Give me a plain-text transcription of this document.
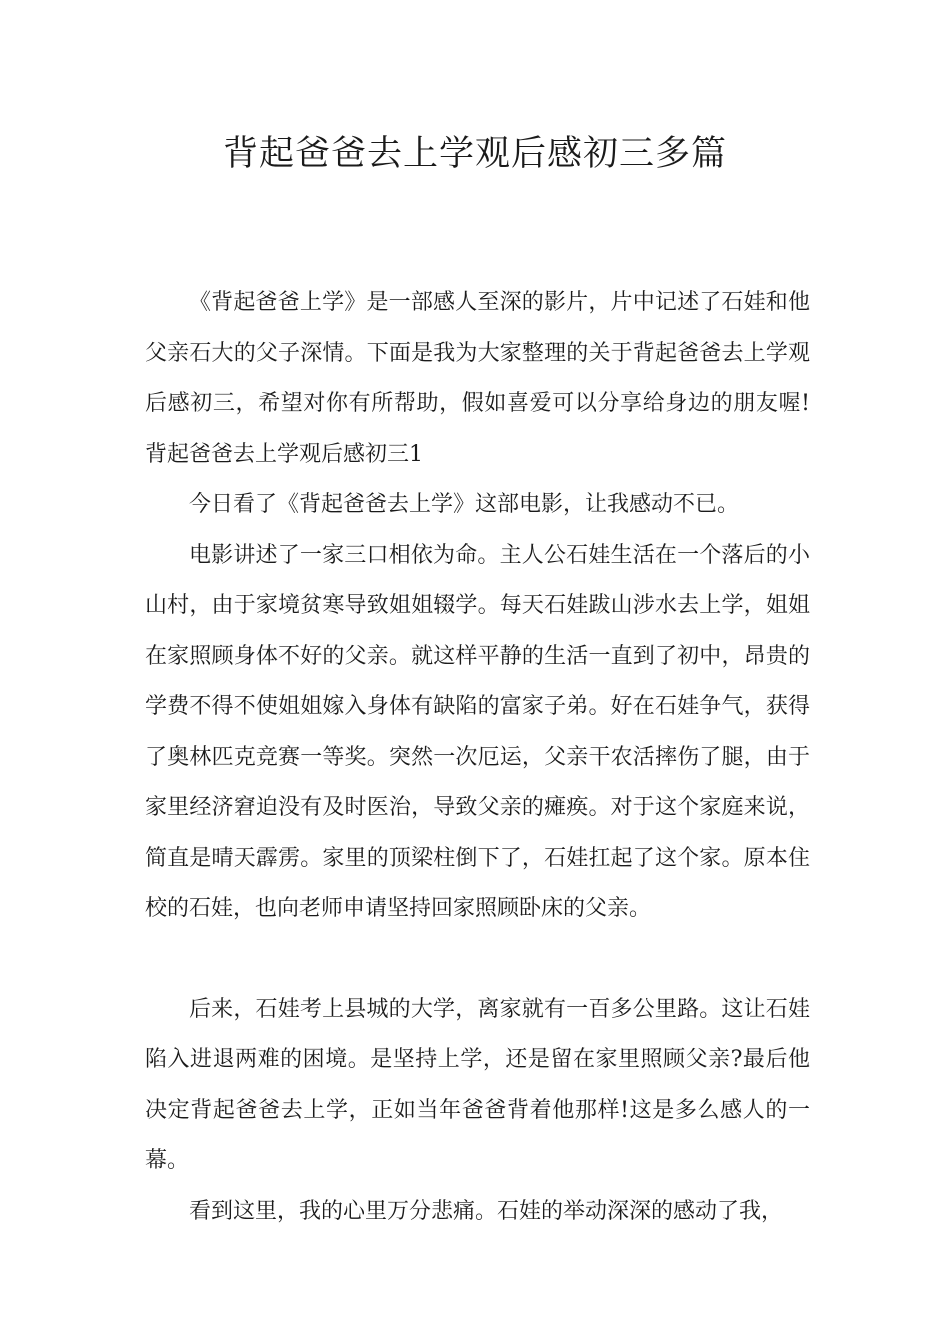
背起爸爸去上学观后感初三多篇

《背起爸爸上学》是一部感人至深的影片，片中记述了石娃和他父亲石大的父子深情。下面是我为大家整理的关于背起爸爸去上学观后感初三，希望对你有所帮助，假如喜爱可以分享给身边的朋友喔!背起爸爸去上学观后感初三1

今日看了《背起爸爸去上学》这部电影，让我感动不已。

电影讲述了一家三口相依为命。主人公石娃生活在一个落后的小山村，由于家境贫寒导致姐姐辍学。每天石娃跋山涉水去上学，姐姐在家照顾身体不好的父亲。就这样平静的生活一直到了初中，昂贵的学费不得不使姐姐嫁入身体有缺陷的富家子弟。好在石娃争气，获得了奥林匹克竞赛一等奖。突然一次厄运，父亲干农活摔伤了腿，由于家里经济窘迫没有及时医治，导致父亲的瘫痪。对于这个家庭来说，简直是晴天霹雳。家里的顶梁柱倒下了，石娃扛起了这个家。原本住校的石娃，也向老师申请坚持回家照顾卧床的父亲。

后来，石娃考上县城的大学，离家就有一百多公里路。这让石娃陷入进退两难的困境。是坚持上学，还是留在家里照顾父亲?最后他决定背起爸爸去上学，正如当年爸爸背着他那样!这是多么感人的一幕。

看到这里，我的心里万分悲痛。石娃的举动深深的感动了我，
